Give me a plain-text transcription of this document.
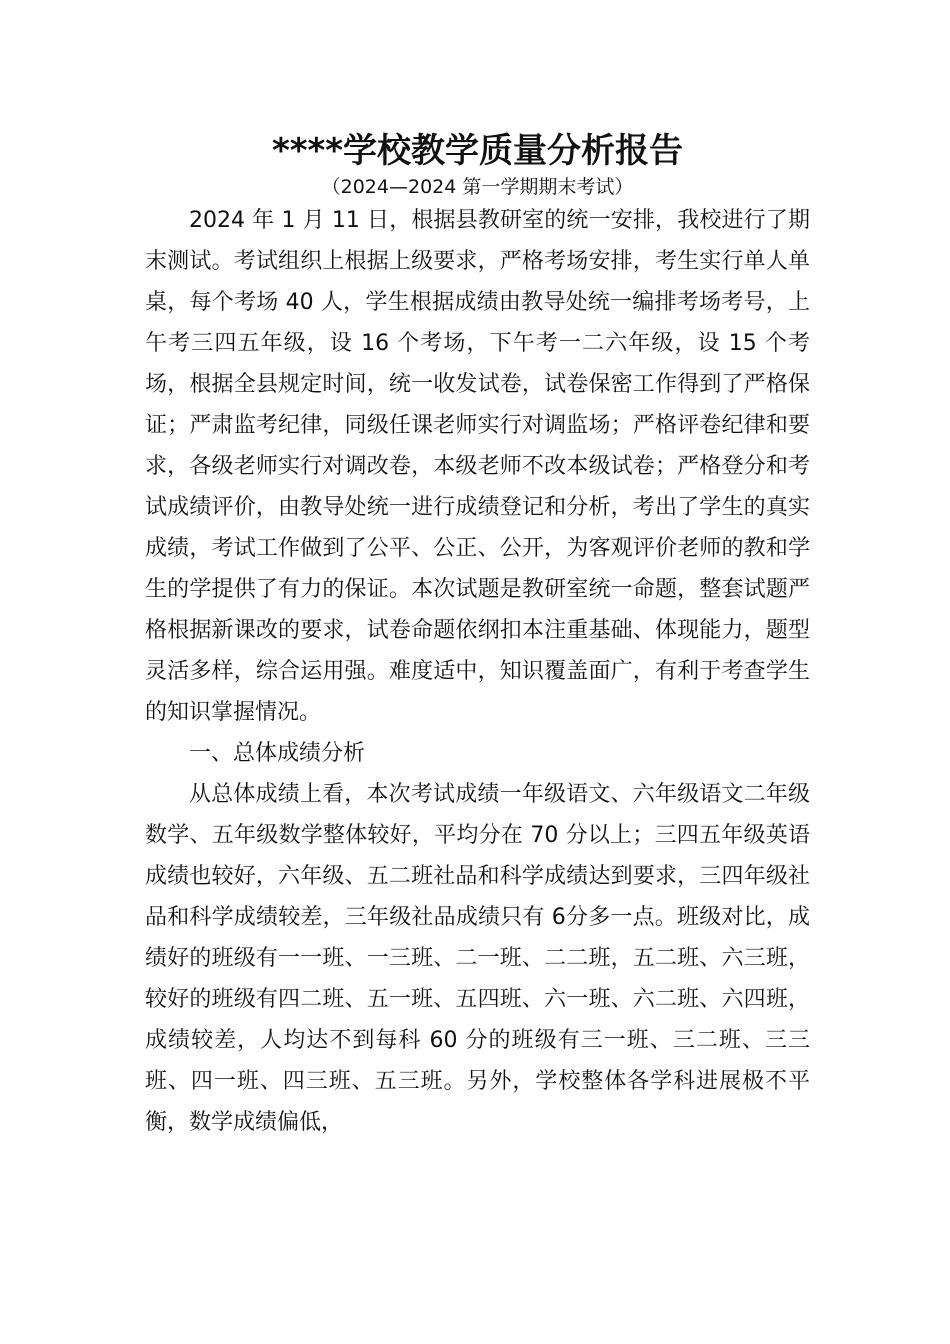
****学校教学质量分析报告

（2024—2024 第一学期期末考试）

2024 年 1 月 11 日，根据县教研室的统一安排，我校进行了期末测试。考试组织上根据上级要求，严格考场安排，考生实行单人单桌，每个考场 40 人，学生根据成绩由教导处统一编排考场考号，上午考三四五年级，设 16 个考场，下午考一二六年级，设 15 个考场，根据全县规定时间，统一收发试卷，试卷保密工作得到了严格保证；严肃监考纪律，同级任课老师实行对调监场；严格评卷纪律和要求，各级老师实行对调改卷，本级老师不改本级试卷；严格登分和考试成绩评价，由教导处统一进行成绩登记和分析，考出了学生的真实成绩，考试工作做到了公平、公正、公开，为客观评价老师的教和学生的学提供了有力的保证。本次试题是教研室统一命题，整套试题严格根据新课改的要求，试卷命题依纲扣本注重基础、体现能力，题型灵活多样，综合运用强。难度适中，知识覆盖面广，有利于考查学生的知识掌握情况。

一、总体成绩分析

从总体成绩上看，本次考试成绩一年级语文、六年级语文二年级数学、五年级数学整体较好，平均分在 70 分以上；三四五年级英语成绩也较好，六年级、五二班社品和科学成绩达到要求，三四年级社品和科学成绩较差，三年级社品成绩只有 6分多一点。班级对比，成绩好的班级有一一班、一三班、二一班、二二班，五二班、六三班，较好的班级有四二班、五一班、五四班、六一班、六二班、六四班，成绩较差，人均达不到每科 60 分的班级有三一班、三二班、三三班、四一班、四三班、五三班。另外，学校整体各学科进展极不平衡，数学成绩偏低，
